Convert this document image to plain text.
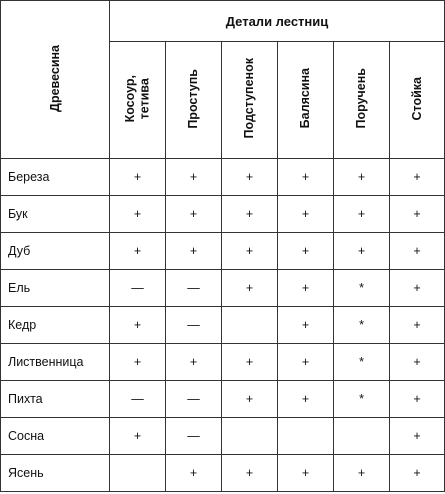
Древесина	Детали лестниц					
	Косоур,
тетива	Проступь	Подступенок	Балясина	Поручень	Стойка
Береза	+	+	+	+	+	+
Бук	+	+	+	+	+	+
Дуб	+	+	+	+	+	+
Ель	—	—	+	+	*	+
Кедр	+	—		+	*	+
Лиственница	+	+	+	+	*	+
Пихта	—	—	+	+	*	+
Сосна	+	—				+
Ясень		+	+	+	+	+
